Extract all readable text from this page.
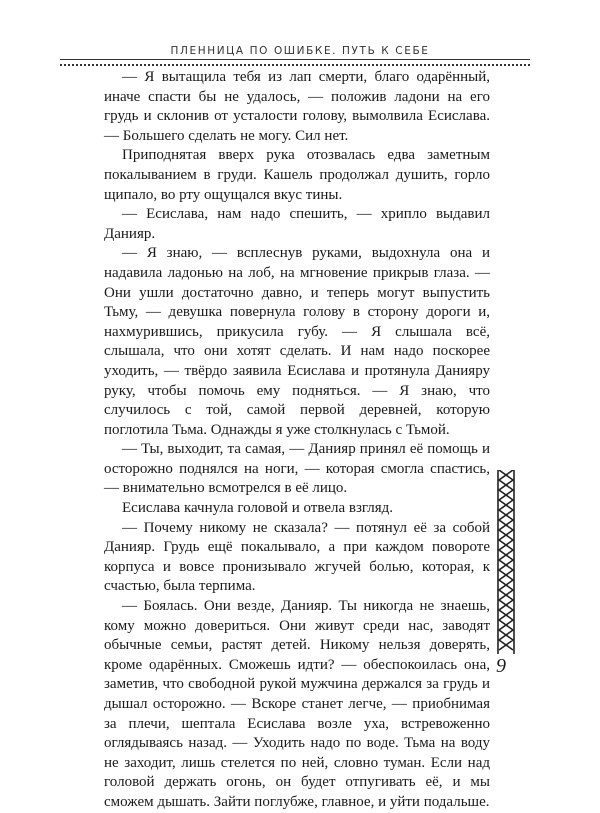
ПЛЕННИЦА ПО ОШИБКЕ. ПУТЬ К СЕБЕ

— Я вытащила тебя из лап смерти, благо одарённый, иначе спасти бы не удалось, — положив ладони на его грудь и склонив от усталости голову, вымолвила Есислава. — Большего сделать не могу. Сил нет.

Приподнятая вверх рука отозвалась едва заметным покалыванием в груди. Кашель продолжал душить, горло щипало, во рту ощущался вкус тины.

— Есислава, нам надо спешить, — хрипло выдавил Данияр.

— Я знаю, — всплеснув руками, выдохнула она и надавила ладонью на лоб, на мгновение прикрыв глаза. — Они ушли достаточно давно, и теперь могут выпустить Тьму, — девушка повернула голову в сторону дороги и, нахмурившись, прикусила губу. — Я слышала всё, слышала, что они хотят сделать. И нам надо поскорее уходить, — твёрдо заявила Есислава и протянула Данияру руку, чтобы помочь ему подняться. — Я знаю, что случилось с той, самой первой деревней, которую поглотила Тьма. Однажды я уже столкнулась с Тьмой.

— Ты, выходит, та самая, — Данияр принял её помощь и осторожно поднялся на ноги, — которая смогла спастись, — внимательно всмотрелся в её лицо.

Есислава качнула головой и отвела взгляд.

— Почему никому не сказала? — потянул её за собой Данияр. Грудь ещё покалывало, а при каждом повороте корпуса и вовсе пронизывало жгучей болью, которая, к счастью, была терпима.

— Боялась. Они везде, Данияр. Ты никогда не знаешь, кому можно довериться. Они живут среди нас, заводят обычные семьи, растят детей. Никому нельзя доверять, кроме одарённых. Сможешь идти? — обеспокоилась она, заметив, что свободной рукой мужчина держался за грудь и дышал осторожно. — Вскоре станет легче, — приобнимая за плечи, шептала Есислава возле уха, встревоженно оглядываясь назад. — Уходить надо по воде. Тьма на воду не заходит, лишь стелется по ней, словно туман. Если над головой держать огонь, он будет отпугивать её, и мы сможем дышать. Зайти поглубже, главное, и уйти подальше.

9
